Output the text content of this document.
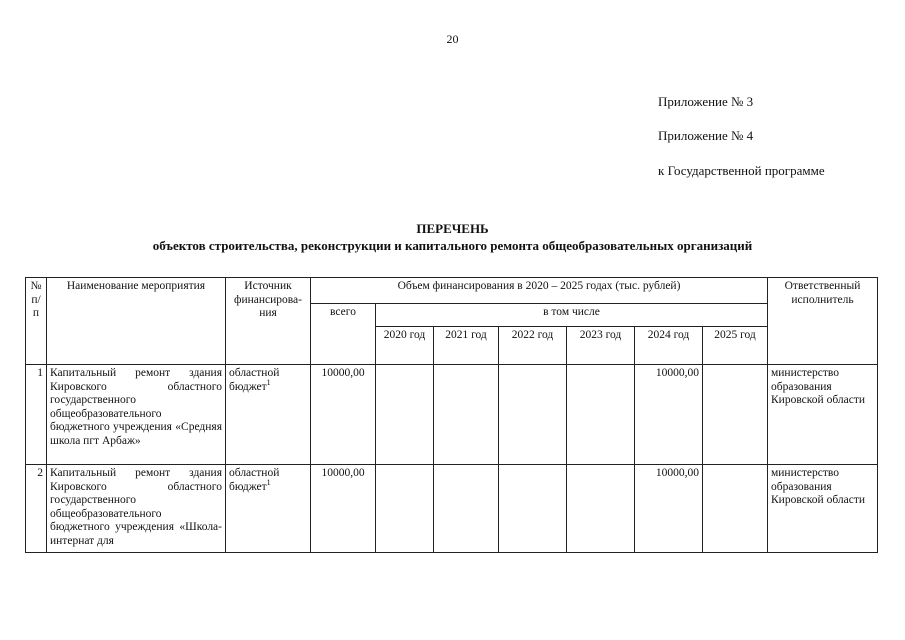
20
Приложение № 3
Приложение № 4
к Государственной программе
ПЕРЕЧЕНЬ
объектов строительства, реконструкции и капитального ремонта общеобразовательных организаций
№ п/п	Наименование мероприятия	Источник финансирова-ния	Объем финансирования в 2020 – 2025 годах (тыс. рублей)							Ответственный исполнитель
			всего	в том числе						
				2020 год	2021 год	2022 год	2023 год	2024 год	2025 год	
1	Капитальный ремонт здания Кировского областного государственного общеобразовательного бюджетного учреждения «Средняя школа пгт Арбаж»	областной бюджет$^1$	10000,00					10000,00		министерство образования Кировской области
2	Капитальный ремонт здания Кировского областного государственного общеобразовательного бюджетного учреждения «Школа-интернат для	областной бюджет$^1$	10000,00					10000,00		министерство образования Кировской области
